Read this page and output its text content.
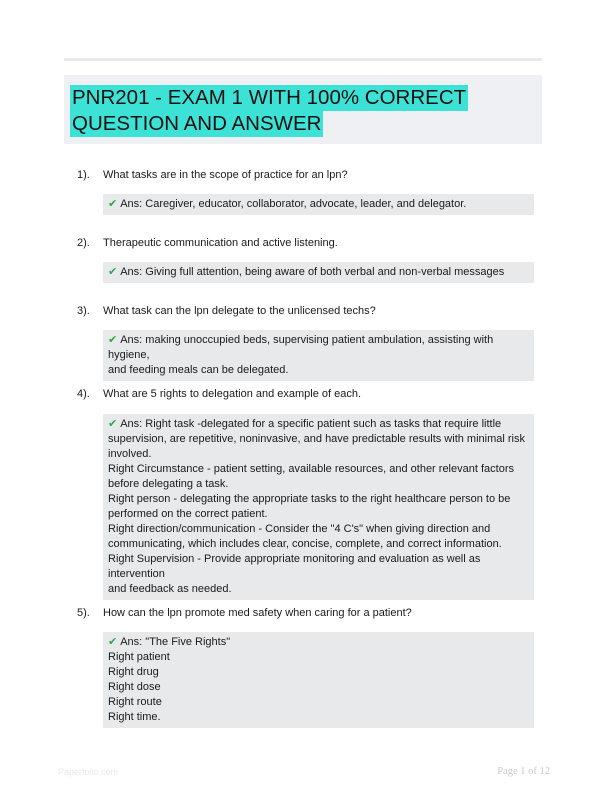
PNR201 - EXAM 1 WITH 100% CORRECT
QUESTION AND ANSWER
1).	What tasks are in the scope of practice for an lpn?
✔ Ans: Caregiver, educator, collaborator, advocate, leader, and delegator.
2).	Therapeutic communication and active listening.
✔ Ans: Giving full attention, being aware of both verbal and non-verbal messages
3).	What task can the lpn delegate to the unlicensed techs?
✔ Ans: making unoccupied beds, supervising patient ambulation, assisting with hygiene,
and feeding meals can be delegated.
4).	What are 5 rights to delegation and example of each.
✔ Ans: Right task -delegated for a specific patient such as tasks that require little
supervision, are repetitive, noninvasive, and have predictable results with minimal risk
involved.
Right Circumstance - patient setting, available resources, and other relevant factors
before delegating a task.
Right person - delegating the appropriate tasks to the right healthcare person to be
performed on the correct patient.
Right direction/communication - Consider the "4 C's" when giving direction and
communicating, which includes clear, concise, complete, and correct information.
Right Supervision - Provide appropriate monitoring and evaluation as well as intervention
and feedback as needed.
5).	How can the lpn promote med safety when caring for a patient?
✔ Ans: "The Five Rights"
Right patient
Right drug
Right dose
Right route
Right time.
Paperfolio.com	Page 1 of 12
